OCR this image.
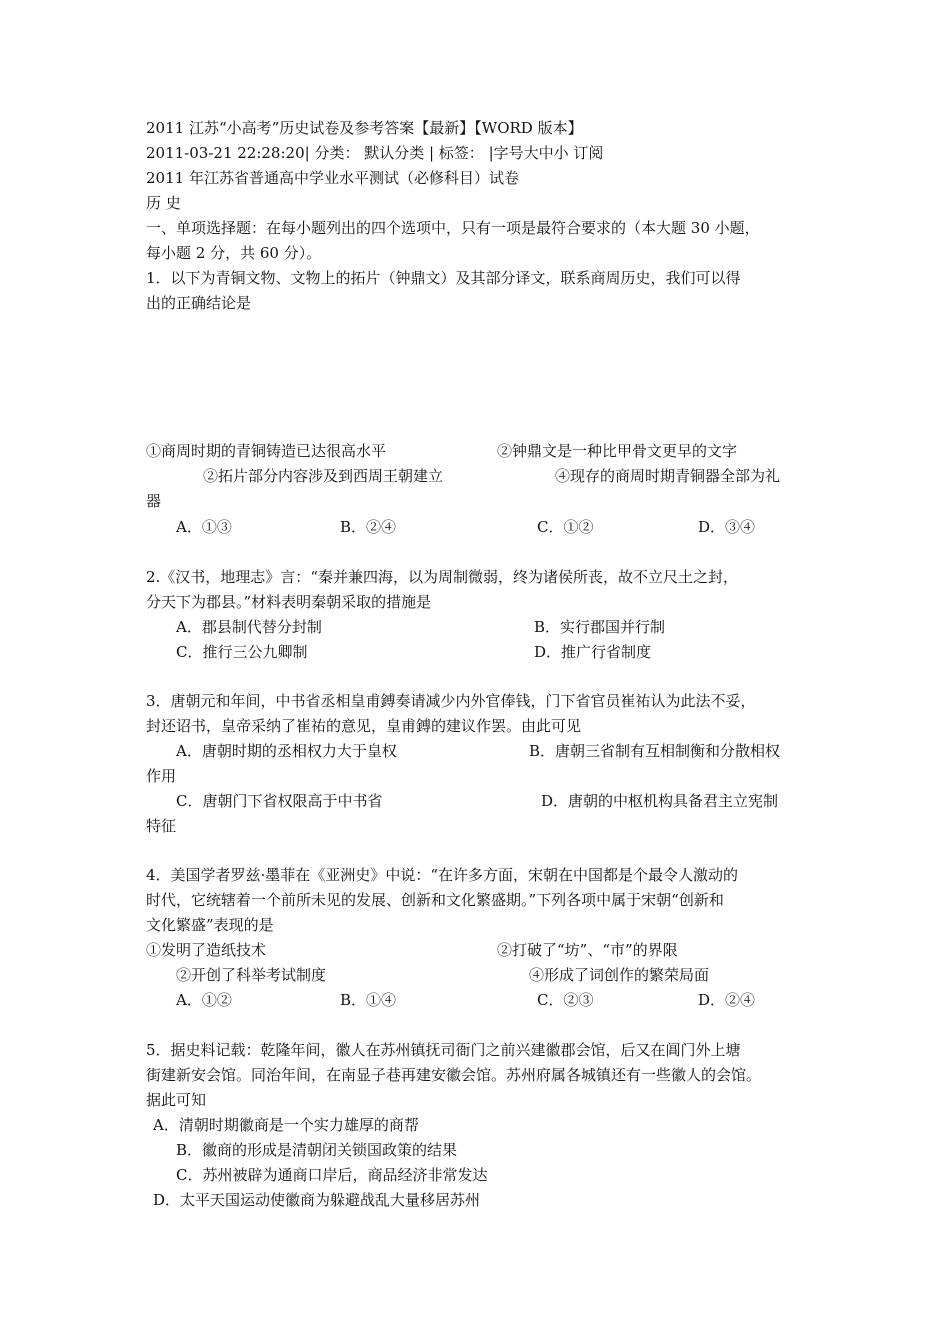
2011 江苏“小高考”历史试卷及参考答案【最新】【WORD 版本】
2011-03-21 22:28:20| 分类： 默认分类 | 标签： |字号大中小 订阅
2011 年江苏省普通高中学业水平测试（必修科目）试卷
历 史
一、单项选择题：在每小题列出的四个选项中，只有一项是最符合要求的（本大题 30 小题，
每小题 2 分，共 60 分）。
1．以下为青铜文物、文物上的拓片（钟鼎文）及其部分译文，联系商周历史，我们可以得
出的正确结论是
①商周时期的青铜铸造已达很高水平	②钟鼎文是一种比甲骨文更早的文字
②拓片部分内容涉及到西周王朝建立	④现存的商周时期青铜器全部为礼
器
A．①③	B．②④	C．①②	D．③④
2.《汉书，地理志》言：“秦并兼四海，以为周制微弱，终为诸侯所丧，故不立尺土之封，
分天下为郡县。”材料表明秦朝采取的措施是
A．郡县制代替分封制	B．实行郡国并行制
C．推行三公九卿制	D．推广行省制度
3．唐朝元和年间，中书省丞相皇甫鎛奏请减少内外官俸钱，门下省官员崔祐认为此法不妥，
封还诏书，皇帝采纳了崔祐的意见，皇甫鎛的建议作罢。由此可见
A．唐朝时期的丞相权力大于皇权	B．唐朝三省制有互相制衡和分散相权
作用
C．唐朝门下省权限高于中书省	D．唐朝的中枢机构具备君主立宪制
特征
4．美国学者罗兹·墨菲在《亚洲史》中说：“在许多方面，宋朝在中国都是个最令人激动的
时代，它统辖着一个前所未见的发展、创新和文化繁盛期。”下列各项中属于宋朝“创新和
文化繁盛”表现的是
①发明了造纸技术	②打破了“坊”、“市”的界限
②开创了科举考试制度	④形成了词创作的繁荣局面
A．①②	B．①④	C．②③	D．②④
5．据史料记载：乾隆年间，徽人在苏州镇抚司衙门之前兴建徽郡会馆，后又在阊门外上塘
街建新安会馆。同治年间，在南显子巷再建安徽会馆。苏州府属各城镇还有一些徽人的会馆。
据此可知
A．清朝时期徽商是一个实力雄厚的商帮
B．徽商的形成是清朝闭关锁国政策的结果
C．苏州被辟为通商口岸后，商品经济非常发达
D．太平天国运动使徽商为躲避战乱大量移居苏州
